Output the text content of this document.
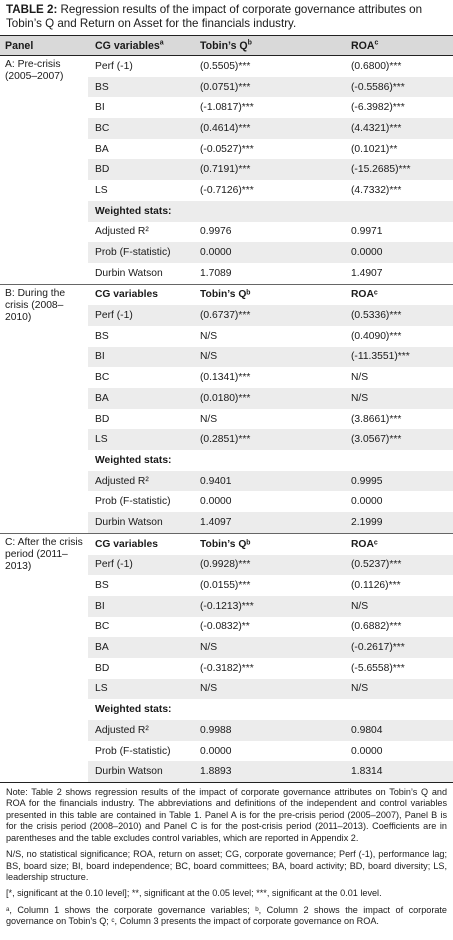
TABLE 2: Regression results of the impact of corporate governance attributes on Tobin’s Q and Return on Asset for the financials industry.
Panel	CG variables$^a$	Tobin’s $Q^b$	ROA$^c$
A: Pre-crisis (2005–2007)
Perf (-1)	(0.5505)***	(0.6800)***
BS	(0.0751)***	(-0.5586)***
BI	(-1.0817)***	(-6.3982)***
BC	(0.4614)***	(4.4321)***
BA	(-0.0527)***	(0.1021)**
BD	(0.7191)***	(-15.2685)***
LS	(-0.7126)***	(4.7332)***
Weighted stats:
Adjusted R²	0.9976	0.9971
Prob (F-statistic)	0.0000	0.0000
Durbin Watson	1.7089	1.4907
B: During the crisis (2008–2010)
CG variables	Tobin’s Qᵇ	ROAᶜ
Perf (-1)	(0.6737)***	(0.5336)***
BS	N/S	(0.4090)***
BI	N/S	(-11.3551)***
BC	(0.1341)***	N/S
BA	(0.0180)***	N/S
BD	N/S	(3.8661)***
LS	(0.2851)***	(3.0567)***
Weighted stats:
Adjusted R²	0.9401	0.9995
Prob (F-statistic)	0.0000	0.0000
Durbin Watson	1.4097	2.1999
C: After the crisis period (2011–2013)
CG variables	Tobin’s Qᵇ	ROAᶜ
Perf (-1)	(0.9928)***	(0.5237)***
BS	(0.0155)***	(0.1126)***
BI	(-0.1213)***	N/S
BC	(-0.0832)**	(0.6882)***
BA	N/S	(-0.2617)***
BD	(-0.3182)***	(-5.6558)***
LS	N/S	N/S
Weighted stats:
Adjusted R²	0.9988	0.9804
Prob (F-statistic)	0.0000	0.0000
Durbin Watson	1.8893	1.8314

Note: Table 2 shows regression results of the impact of corporate governance attributes on Tobin’s Q and ROA for the financials industry. The abbreviations and definitions of the independent and control variables presented in this table are contained in Table 1. Panel A is for the pre-crisis period (2005–2007), Panel B is for the crisis period (2008–2010) and Panel C is for the post-crisis period (2011–2013). Coefficients are in parentheses and the table excludes control variables, which are reported in Appendix 2.

N/S, no statistical significance; ROA, return on asset; CG, corporate governance; Perf (-1), performance lag; BS, board size; BI, board independence; BC, board committees; BA, board activity; BD, board diversity; LS, leadership structure.

[*, significant at the 0.10 level]; **, significant at the 0.05 level; ***, significant at the 0.01 level.

ᵃ, Column 1 shows the corporate governance variables; ᵇ, Column 2 shows the impact of corporate governance on Tobin’s Q; ᶜ, Column 3 presents the impact of corporate governance on ROA.
